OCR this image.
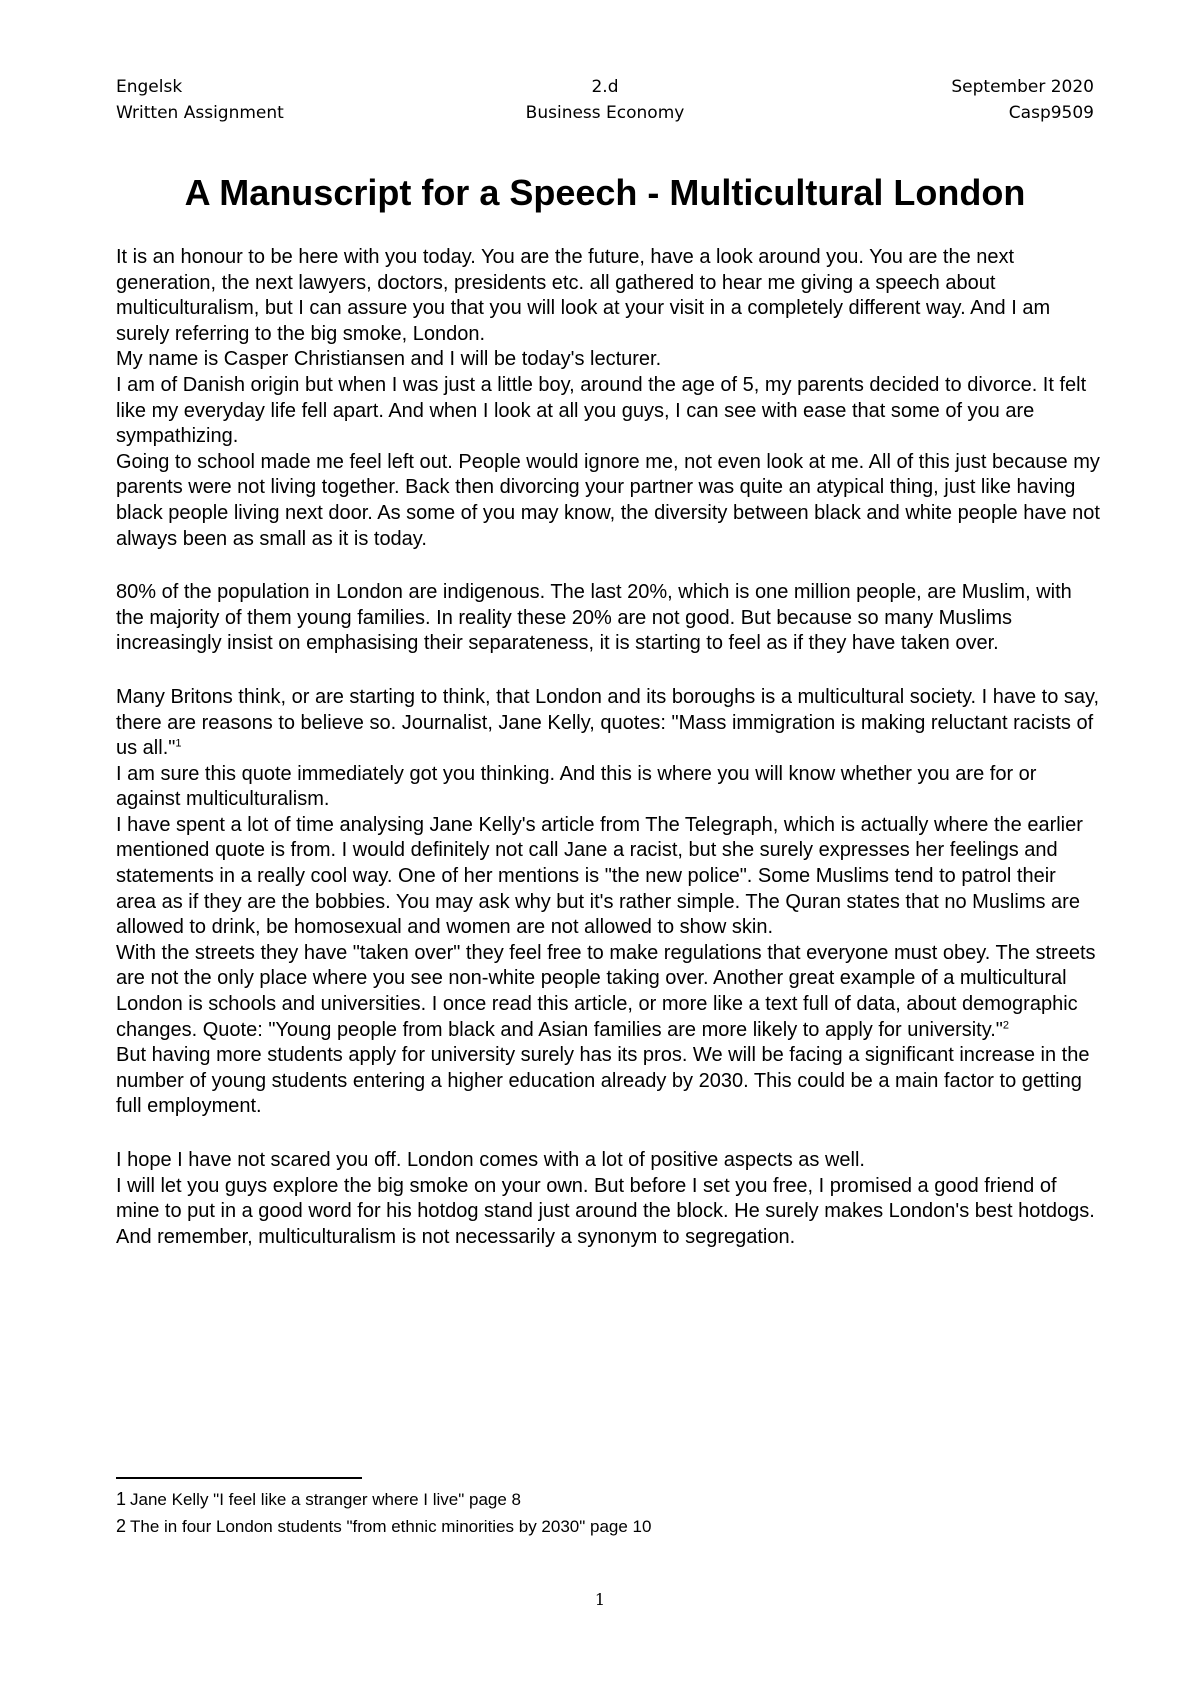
Engelsk	2.d	September 2020
Written Assignment	Business Economy	Casp9509
A Manuscript for a Speech - Multicultural London

It is an honour to be here with you today. You are the future, have a look around you. You are the next generation, the next lawyers, doctors, presidents etc. all gathered to hear me giving a speech about multiculturalism, but I can assure you that you will look at your visit in a completely different way. And I am surely referring to the big smoke, London.

My name is Casper Christiansen and I will be today's lecturer.

I am of Danish origin but when I was just a little boy, around the age of 5, my parents decided to divorce. It felt like my everyday life fell apart. And when I look at all you guys, I can see with ease that some of you are sympathizing.

Going to school made me feel left out. People would ignore me, not even look at me. All of this just because my parents were not living together. Back then divorcing your partner was quite an atypical thing, just like having black people living next door. As some of you may know, the diversity between black and white people have not always been as small as it is today.

80% of the population in London are indigenous. The last 20%, which is one million people, are Muslim, with the majority of them young families. In reality these 20% are not good. But because so many Muslims increasingly insist on emphasising their separateness, it is starting to feel as if they have taken over.

Many Britons think, or are starting to think, that London and its boroughs is a multicultural society. I have to say, there are reasons to believe so. Journalist, Jane Kelly, quotes: "Mass immigration is making reluctant racists of us all."$^1$

I am sure this quote immediately got you thinking. And this is where you will know whether you are for or against multiculturalism.

I have spent a lot of time analysing Jane Kelly's article from The Telegraph, which is actually where the earlier mentioned quote is from. I would definitely not call Jane a racist, but she surely expresses her feelings and statements in a really cool way. One of her mentions is "the new police". Some Muslims tend to patrol their area as if they are the bobbies. You may ask why but it's rather simple. The Quran states that no Muslims are allowed to drink, be homosexual and women are not allowed to show skin.

With the streets they have "taken over" they feel free to make regulations that everyone must obey. The streets are not the only place where you see non-white people taking over. Another great example of a multicultural London is schools and universities. I once read this article, or more like a text full of data, about demographic changes. Quote: "Young people from black and Asian families are more likely to apply for university."$^2$

But having more students apply for university surely has its pros. We will be facing a significant increase in the number of young students entering a higher education already by 2030. This could be a main factor to getting full employment.

I hope I have not scared you off. London comes with a lot of positive aspects as well.

I will let you guys explore the big smoke on your own. But before I set you free, I promised a good friend of mine to put in a good word for his hotdog stand just around the block. He surely makes London's best hotdogs.

And remember, multiculturalism is not necessarily a synonym to segregation.

1 Jane Kelly "I feel like a stranger where I live" page 8
2 The in four London students "from ethnic minorities by 2030" page 10
1
